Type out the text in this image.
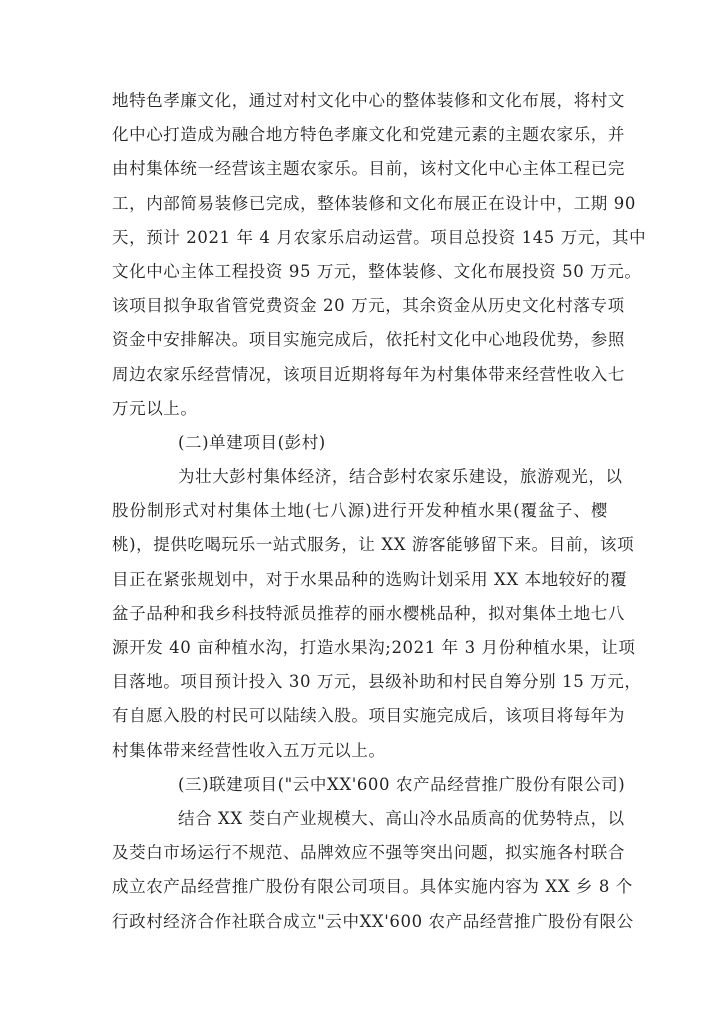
地特色孝廉文化，通过对村文化中心的整体装修和文化布展，将村文
化中心打造成为融合地方特色孝廉文化和党建元素的主题农家乐，并
由村集体统一经营该主题农家乐。目前，该村文化中心主体工程已完
工，内部简易装修已完成，整体装修和文化布展正在设计中，工期 90
天，预计 2021 年 4 月农家乐启动运营。项目总投资 145 万元，其中
文化中心主体工程投资 95 万元，整体装修、文化布展投资 50 万元。
该项目拟争取省管党费资金 20 万元，其余资金从历史文化村落专项
资金中安排解决。项目实施完成后，依托村文化中心地段优势，参照
周边农家乐经营情况，该项目近期将每年为村集体带来经营性收入七
万元以上。
(二)单建项目(彭村)
为壮大彭村集体经济，结合彭村农家乐建设，旅游观光，以
股份制形式对村集体土地(七八源)进行开发种植水果(覆盆子、樱
桃)，提供吃喝玩乐一站式服务，让 XX 游客能够留下来。目前，该项
目正在紧张规划中，对于水果品种的选购计划采用 XX 本地较好的覆
盆子品种和我乡科技特派员推荐的丽水樱桃品种，拟对集体土地七八
源开发 40 亩种植水沟，打造水果沟;2021 年 3 月份种植水果，让项
目落地。项目预计投入 30 万元，县级补助和村民自筹分别 15 万元，
有自愿入股的村民可以陆续入股。项目实施完成后，该项目将每年为
村集体带来经营性收入五万元以上。
(三)联建项目("云中XX'600 农产品经营推广股份有限公司)
结合 XX 茭白产业规模大、高山冷水品质高的优势特点，以
及茭白市场运行不规范、品牌效应不强等突出问题，拟实施各村联合
成立农产品经营推广股份有限公司项目。具体实施内容为 XX 乡 8 个
行政村经济合作社联合成立"云中XX'600 农产品经营推广股份有限公
